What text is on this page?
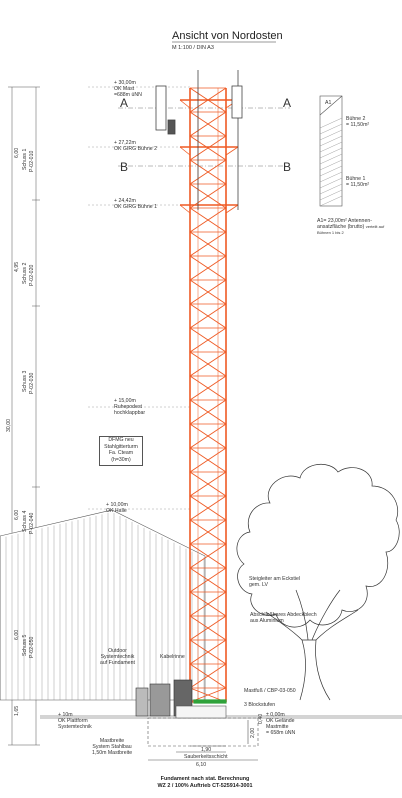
Ansicht von Nordosten
M 1:100 / DIN A3
A	A
B	B
+ 30,00m
OK Mast
=688m üNN
+ 27,22m
OK GIRG Bühne 2
+ 24,42m
OK GIRG Bühne 1
+ 15,00m
Ruhepodest
hochklappbar
+ 10,00m
OK Halle
+ 10m
OK Plattform
Systemtechnik
A1
Bühne 2
= 11,50m²
Bühne 1
= 11,50m²
A1= 23,00m² Antennen-
ansatzfläche (brutto) verteilt auf
Bühnen 1 bis 2
30,00
6,00 Schuss 1 P-02-010
4,95 Schuss 2 P-02-020
Schuss 3 P-02-030
6,00 Schuss 4 P-02-040
6,00 Schuss 5 P-02-050
1,65
DFMG neu
Stahlgitterturm
Fa. Cteam
(h=30m)
Steigleiter am Eckstiel
gem. LV
Abschließbares Abdeckblech
aus Aluminium
Outdoor
Systemtechnik
auf Fundament
Kabelrinne
Mastfuß / CBP-03-050
3 Blockstufen
± 0,00m
OK Gelände
Mastmitte
= 658m üNN
Mastbreite
System Stahlbau
1,50m Mastbreite	1,90
6,10
2,00
0,40
Sauberkeitsschicht
Fundament nach stat. Berechnung
WZ 2 / 100% Auftrieb CT-525914-3001
